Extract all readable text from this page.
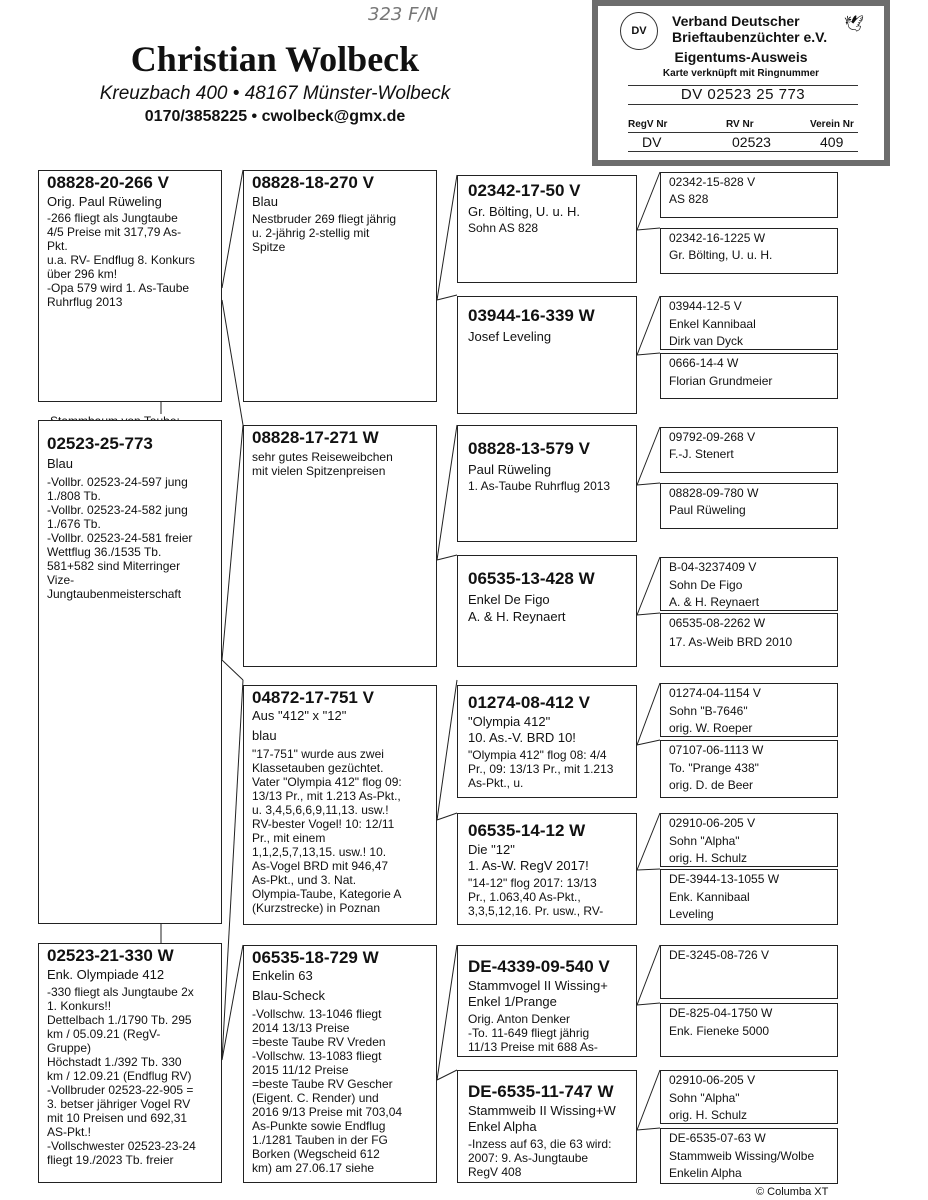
323 F/N
Christian Wolbeck
Kreuzbach 400 • 48167 Münster-Wolbeck
0170/3858225 • cwolbeck@gmx.de
DV	🕊
Verband Deutscher
Brieftaubenzüchter e.V.
Eigentums-Ausweis
Karte verknüpft mit Ringnummer
DV 02523 25 773
RegV Nr	RV Nr	Verein Nr
DV	02523	409
08828-20-266 V
Orig. Paul Rüweling
-266 fliegt als Jungtaube
4/5 Preise mit 317,79 As-
Pkt.
u.a. RV- Endflug 8. Konkurs
über 296 km!
-Opa 579 wird 1. As-Taube
Ruhrflug 2013
02523-25-773
Blau
-Vollbr. 02523-24-597 jung
1./808 Tb.
-Vollbr. 02523-24-582 jung
1./676 Tb.
-Vollbr. 02523-24-581 freier
Wettflug 36./1535 Tb.
581+582 sind Miterringer
Vize-
Jungtaubenmeisterschaft
02523-21-330 W
Enk. Olympiade 412
-330 fliegt als Jungtaube 2x
1. Konkurs!!
Dettelbach 1./1790 Tb. 295
km / 05.09.21 (RegV-
Gruppe)
Höchstadt 1./392 Tb. 330
km / 12.09.21 (Endflug RV)
-Vollbruder 02523-22-905 =
3. betser jähriger Vogel RV
mit 10 Preisen und 692,31
AS-Pkt.!
-Vollschwester 02523-23-24
fliegt 19./2023 Tb. freier
08828-18-270 V
Blau
Nestbruder 269 fliegt jährig
u. 2-jährig 2-stellig mit
Spitze
08828-17-271 W
sehr gutes Reiseweibchen
mit vielen Spitzenpreisen
04872-17-751 V
Aus "412" x "12"
blau
"17-751" wurde aus zwei
Klassetauben gezüchtet.
Vater "Olympia 412" flog 09:
13/13 Pr., mit 1.213 As-Pkt.,
u. 3,4,5,6,6,9,11,13. usw.!
RV-bester Vogel! 10: 12/11
Pr., mit einem
1,1,2,5,7,13,15. usw.! 10.
As-Vogel BRD mit 946,47
As-Pkt., und 3. Nat.
Olympia-Taube, Kategorie A
(Kurzstrecke) in Poznan
06535-18-729 W
Enkelin 63
Blau-Scheck
-Vollschw. 13-1046 fliegt
2014 13/13 Preise
=beste Taube RV Vreden
-Vollschw. 13-1083 fliegt
2015 11/12 Preise
=beste Taube RV Gescher
(Eigent. C. Render) und
2016 9/13 Preise mit 703,04
As-Punkte sowie Endflug
1./1281 Tauben in der FG
Borken (Wegscheid 612
km) am 27.06.17 siehe
02342-17-50 V
Gr. Bölting, U. u. H.
Sohn AS 828
03944-16-339 W
Josef Leveling
08828-13-579 V
Paul Rüweling
1. As-Taube Ruhrflug 2013
06535-13-428 W
Enkel De Figo
A. & H. Reynaert
01274-08-412 V
"Olympia 412"
10. As.-V. BRD 10!
"Olympia 412" flog 08: 4/4
Pr., 09: 13/13 Pr., mit 1.213
As-Pkt., u.
06535-14-12 W
Die "12"
1. As-W. RegV 2017!
"14-12" flog 2017: 13/13
Pr., 1.063,40 As-Pkt.,
3,3,5,12,16. Pr. usw., RV-
DE-4339-09-540 V
Stammvogel II Wissing+
Enkel 1/Prange
Orig. Anton Denker
-To. 11-649 fliegt jährig
11/13 Preise mit 688 As-
DE-6535-11-747 W
Stammweib II Wissing+W
Enkel Alpha
-Inzess auf 63, die 63 wird:
2007: 9. As-Jungtaube
RegV 408
02342-15-828 V
AS 828
02342-16-1225 W
Gr. Bölting, U. u. H.
03944-12-5 V
Enkel Kannibaal
Dirk van Dyck
0666-14-4 W
Florian Grundmeier
09792-09-268 V
F.-J. Stenert
08828-09-780 W
Paul Rüweling
B-04-3237409 V
Sohn De Figo
A. & H. Reynaert
06535-08-2262 W
17. As-Weib BRD 2010
01274-04-1154 V
Sohn "B-7646"
orig. W. Roeper
07107-06-1113 W
To. "Prange 438"
orig. D. de Beer
02910-06-205 V
Sohn "Alpha"
orig. H. Schulz
DE-3944-13-1055 W
Enk. Kannibaal
Leveling
DE-3245-08-726 V
DE-825-04-1750 W
Enk. Fieneke 5000
02910-06-205 V
Sohn "Alpha"
orig. H. Schulz
DE-6535-07-63 W
Stammweib Wissing/Wolbe
Enkelin Alpha
© Columba XT
